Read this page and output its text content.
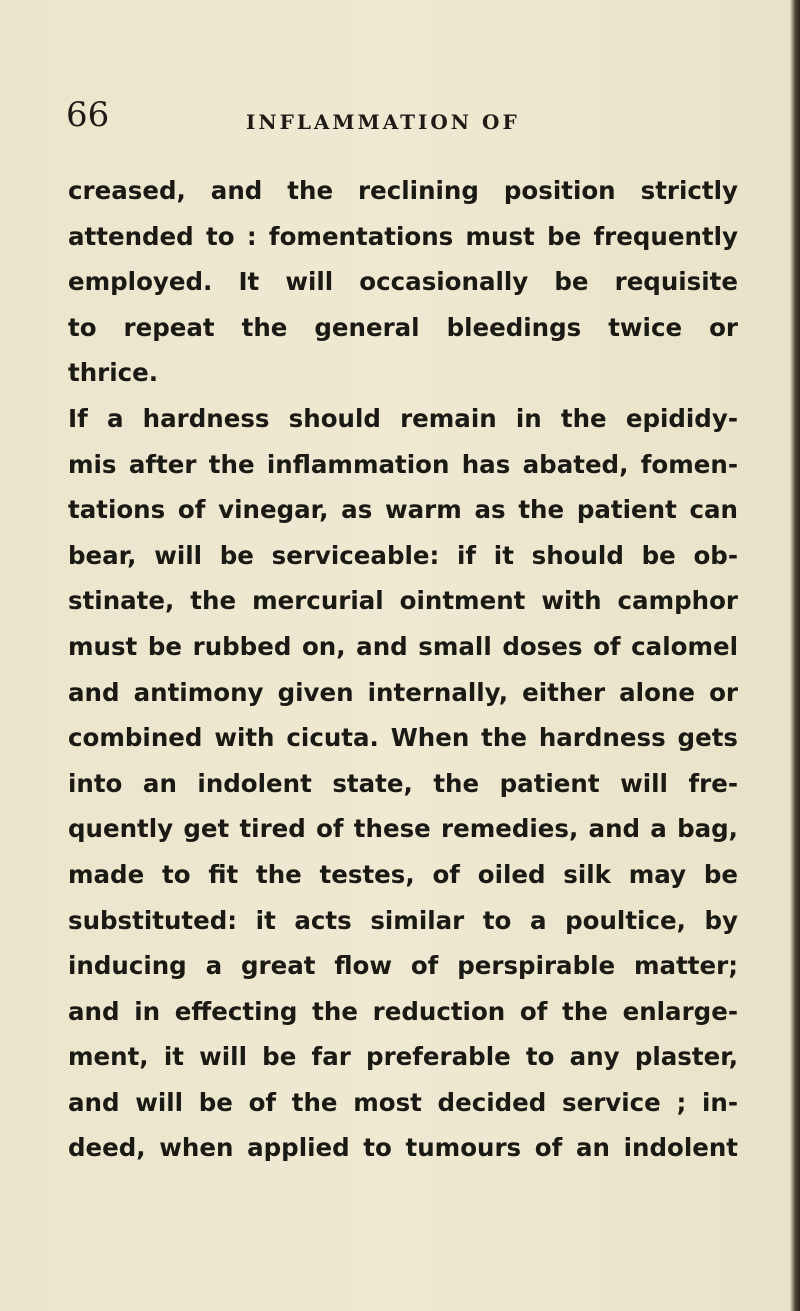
66	INFLAMMATION OF
creased, and the reclining position strictly
attended to : fomentations must be frequently
employed. It will occasionally be requisite
to repeat the general bleedings twice or
thrice.
If a hardness should remain in the epididy-
mis after the inflammation has abated, fomen-
tations of vinegar, as warm as the patient can
bear, will be serviceable: if it should be ob-
stinate, the mercurial ointment with camphor
must be rubbed on, and small doses of calomel
and antimony given internally, either alone or
combined with cicuta. When the hardness gets
into an indolent state, the patient will fre-
quently get tired of these remedies, and a bag,
made to fit the testes, of oiled silk may be
substituted: it acts similar to a poultice, by
inducing a great flow of perspirable matter;
and in effecting the reduction of the enlarge-
ment, it will be far preferable to any plaster,
and will be of the most decided service ; in-
deed, when applied to tumours of an indolent
